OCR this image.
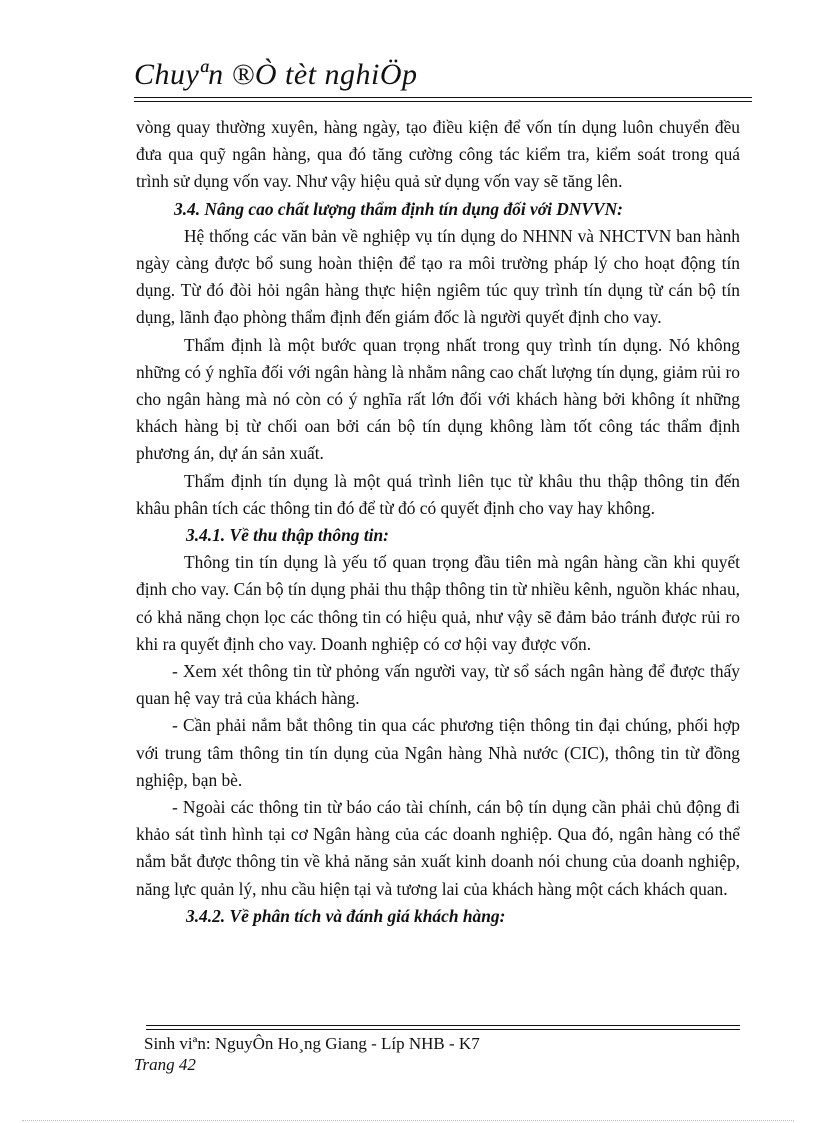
Chuyªn ®Ò tèt nghiÖp

vòng quay thường xuyên, hàng ngày, tạo điều kiện để vốn tín dụng luôn chuyển đều đưa qua quỹ ngân hàng, qua đó tăng cường công tác kiểm tra, kiểm soát trong quá trình sử dụng vốn vay. Như vậy hiệu quả sử dụng vốn vay sẽ tăng lên.

3.4. Nâng cao chất lượng thẩm định tín dụng đối với DNVVN:

Hệ thống các văn bản về nghiệp vụ tín dụng do NHNN và NHCTVN ban hành ngày càng được bổ sung hoàn thiện để tạo ra môi trường pháp lý cho hoạt động tín dụng. Từ đó đòi hỏi ngân hàng thực hiện ngiêm túc quy trình tín dụng từ cán bộ tín dụng, lãnh đạo phòng thẩm định đến giám đốc là người quyết định cho vay.

Thẩm định là một bước quan trọng nhất trong quy trình tín dụng. Nó không những có ý nghĩa đối với ngân hàng là nhằm nâng cao chất lượng tín dụng, giảm rủi ro cho ngân hàng mà nó còn có ý nghĩa rất lớn đối với khách hàng bởi không ít những khách hàng bị từ chối oan bởi cán bộ tín dụng không làm tốt công tác thẩm định phương án, dự án sản xuất.

Thẩm định tín dụng là một quá trình liên tục từ khâu thu thập thông tin đến khâu phân tích các thông tin đó để từ đó có quyết định cho vay hay không.

3.4.1. Về thu thập thông tin:

Thông tin tín dụng là yếu tố quan trọng đầu tiên mà ngân hàng cần khi quyết định cho vay. Cán bộ tín dụng phải thu thập thông tin từ nhiều kênh, nguồn khác nhau, có khả năng chọn lọc các thông tin có hiệu quả, như vậy sẽ đảm bảo tránh được rủi ro khi ra quyết định cho vay. Doanh nghiệp có cơ hội vay được vốn.

- Xem xét thông tin từ phỏng vấn người vay, từ sổ sách ngân hàng để được thấy quan hệ vay trả của khách hàng.

- Cần phải nắm bắt thông tin qua các phương tiện thông tin đại chúng, phối hợp với trung tâm thông tin tín dụng của Ngân hàng Nhà nước (CIC), thông tin từ đồng nghiệp, bạn bè.

- Ngoài các thông tin từ báo cáo tài chính, cán bộ tín dụng cần phải chủ động đi khảo sát tình hình tại cơ Ngân hàng của các doanh nghiệp. Qua đó, ngân hàng có thể nắm bắt được thông tin về khả năng sản xuất kinh doanh nói chung của doanh nghiệp, năng lực quản lý, nhu cầu hiện tại và tương lai của khách hàng một cách khách quan.

3.4.2. Về phân tích và đánh giá khách hàng:

Sinh viªn: NguyÔn Ho¸ng Giang - Líp NHB - K7
Trang 42
